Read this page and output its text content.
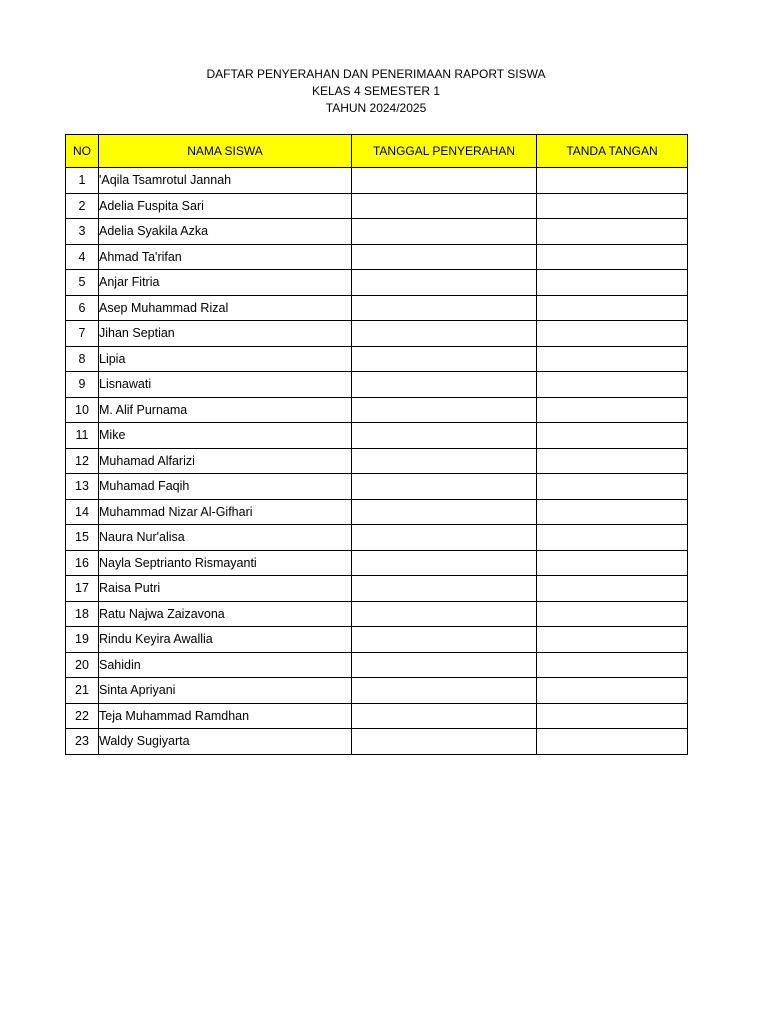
DAFTAR PENYERAHAN DAN PENERIMAAN RAPORT SISWA
KELAS 4 SEMESTER 1
TAHUN 2024/2025
NO	NAMA SISWA	TANGGAL PENYERAHAN	TANDA TANGAN
1	'Aqila Tsamrotul Jannah		
2	Adelia Fuspita Sari		
3	Adelia Syakila Azka		
4	Ahmad Ta'rifan		
5	Anjar Fitria		
6	Asep Muhammad Rizal		
7	Jihan Septian		
8	Lipia		
9	Lisnawati		
10	M. Alif Purnama		
11	Mike		
12	Muhamad Alfarizi		
13	Muhamad Faqih		
14	Muhammad Nizar Al-Gifhari		
15	Naura Nur'alisa		
16	Nayla Septrianto Rismayanti		
17	Raisa Putri		
18	Ratu Najwa Zaizavona		
19	Rindu Keyira Awallia		
20	Sahidin		
21	Sinta Apriyani		
22	Teja Muhammad Ramdhan		
23	Waldy Sugiyarta		
